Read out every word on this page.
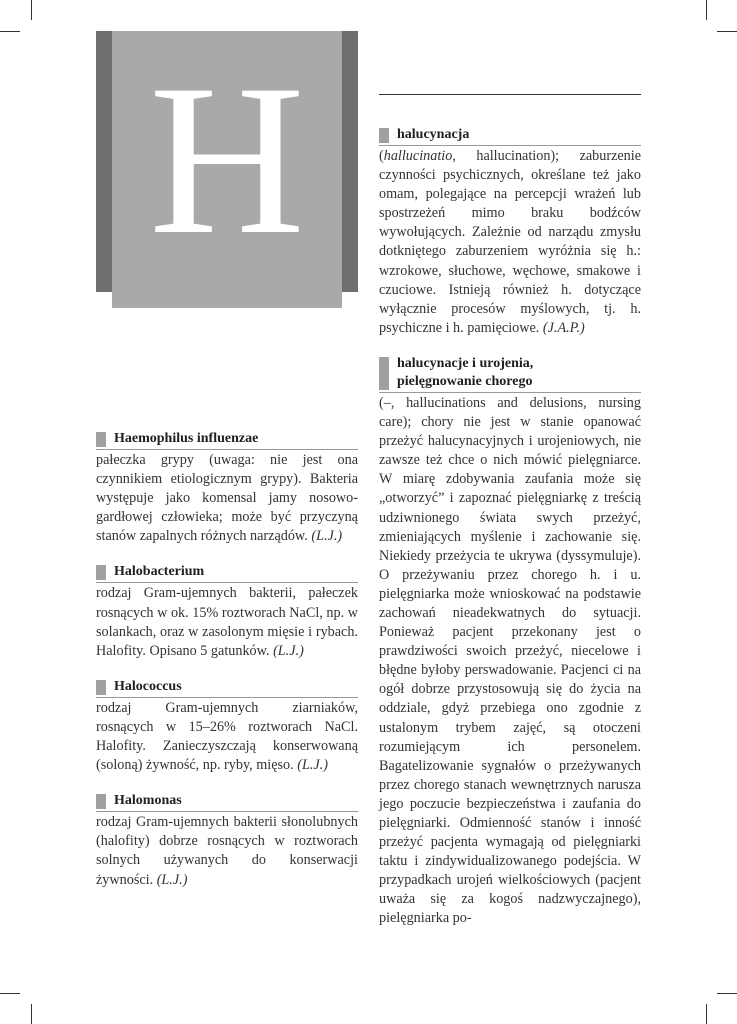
H
Haemophilus influenzae

pałeczka grypy (uwaga: nie jest ona czynnikiem etiologicznym grypy). Bakteria występuje jako komensal jamy nosowo-gardłowej człowieka; może być przyczyną stanów zapalnych różnych narządów. (L.J.)

Halobacterium

rodzaj Gram-ujemnych bakterii, pałeczek rosnących w ok. 15% roztworach NaCl, np. w solankach, oraz w zasolonym mięsie i rybach. Halofity. Opisano 5 gatunków. (L.J.)

Halococcus

rodzaj Gram-ujemnych ziarniaków, rosnących w 15–26% roztworach NaCl. Halofity. Zanieczyszczają konserwowaną (soloną) żywność, np. ryby, mięso. (L.J.)

Halomonas

rodzaj Gram-ujemnych bakterii słonolubnych (halofity) dobrze rosnących w roztworach solnych używanych do konserwacji żywności. (L.J.)

halucynacja

(hallucinatio, hallucination); zaburzenie czynności psychicznych, określane też jako omam, polegające na percepcji wrażeń lub spostrzeżeń mimo braku bodźców wywołujących. Zależnie od narządu zmysłu dotkniętego zaburzeniem wyróżnia się h.: wzrokowe, słuchowe, węchowe, smakowe i czuciowe. Istnieją również h. dotyczące wyłącznie procesów myślowych, tj. h. psychiczne i h. pamięciowe. (J.A.P.)

halucynacje i urojenia,
pielęgnowanie chorego

(–, hallucinations and delusions, nursing care); chory nie jest w stanie opanować przeżyć halucynacyjnych i urojeniowych, nie zawsze też chce o nich mówić pielęgniarce. W miarę zdobywania zaufania może się „otworzyć” i zapoznać pielęgniarkę z treścią udziwnionego świata swych przeżyć, zmieniających myślenie i zachowanie się. Niekiedy przeżycia te ukrywa (dyssymuluje). O przeżywaniu przez chorego h. i u. pielęgniarka może wnioskować na podstawie zachowań nieadekwatnych do sytuacji. Ponieważ pacjent przekonany jest o prawdziwości swoich przeżyć, niecelowe i błędne byłoby perswadowanie. Pacjenci ci na ogół dobrze przystosowują się do życia na oddziale, gdyż przebiega ono zgodnie z ustalonym trybem zajęć, są otoczeni rozumiejącym ich personelem. Bagatelizowanie sygnałów o przeżywanych przez chorego stanach wewnętrznych narusza jego poczucie bezpieczeństwa i zaufania do pielęgniarki. Odmienność stanów i inność przeżyć pacjenta wymagają od pielęgniarki taktu i zindywidualizowanego podejścia. W przypadkach urojeń wielkościowych (pacjent uważa się za kogoś nadzwyczajnego), pielęgniarka po-
